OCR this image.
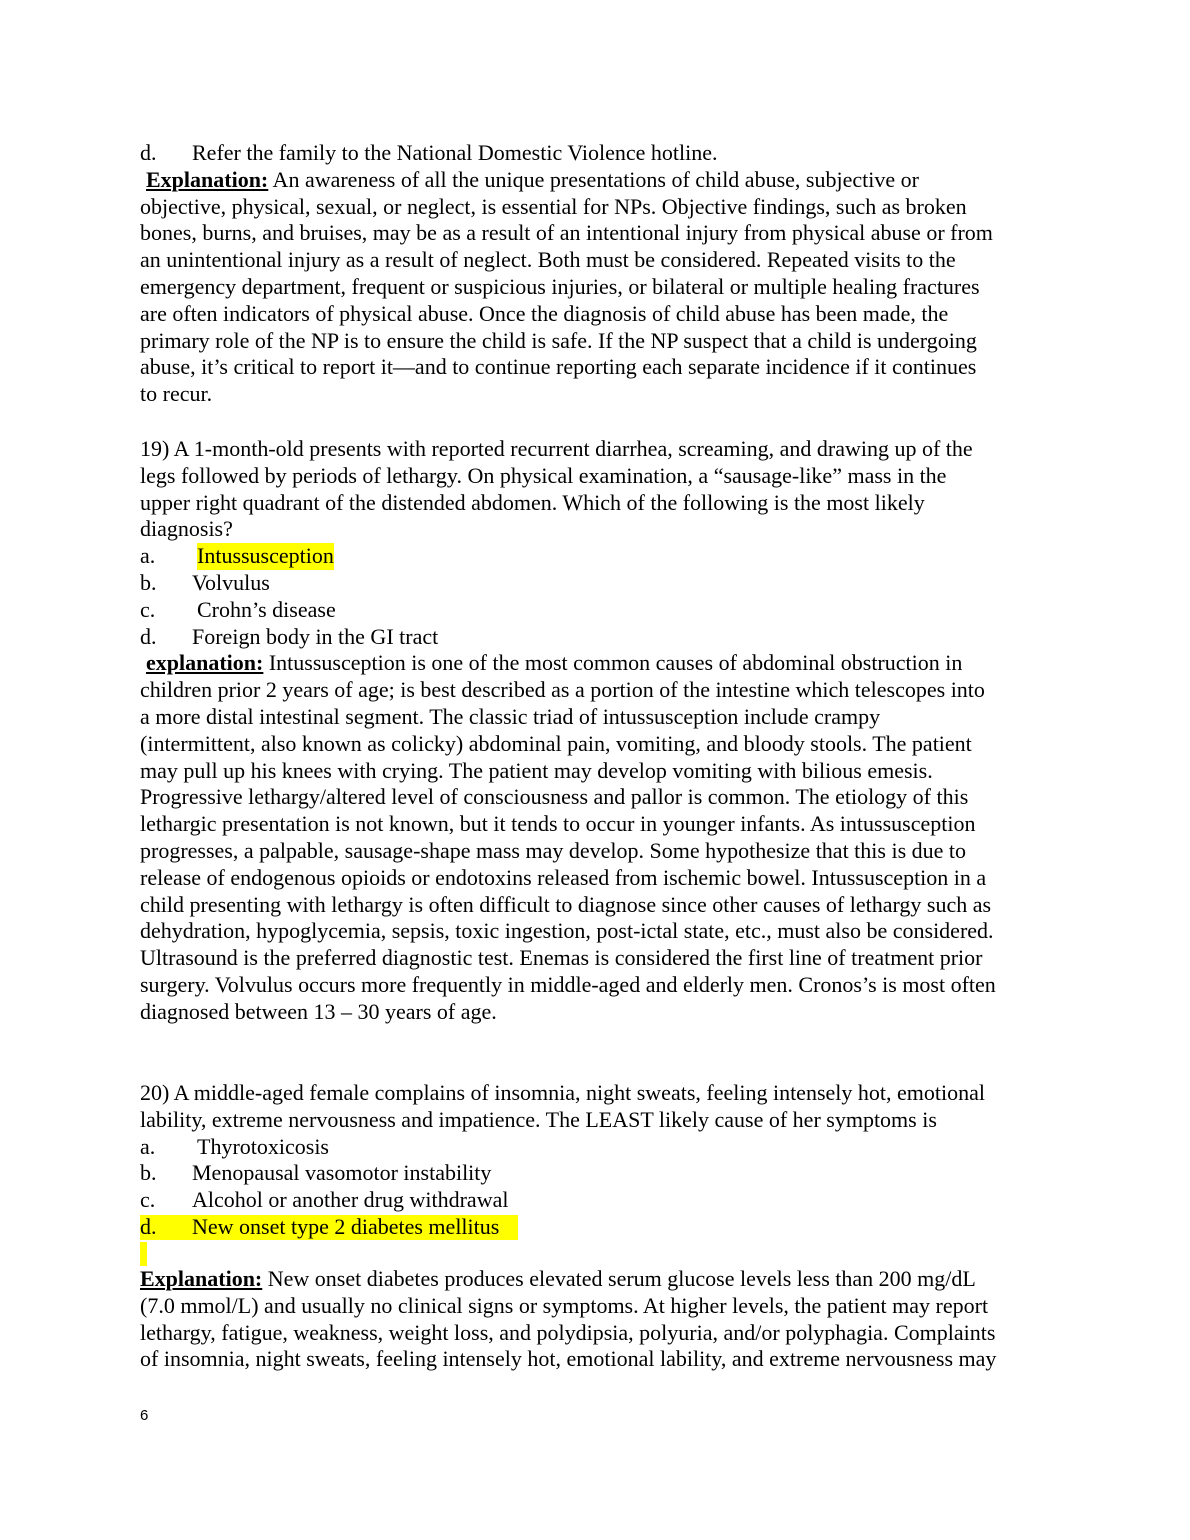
d. Refer the family to the National Domestic Violence hotline.
Explanation: An awareness of all the unique presentations of child abuse, subjective or
objective, physical, sexual, or neglect, is essential for NPs. Objective findings, such as broken
bones, burns, and bruises, may be as a result of an intentional injury from physical abuse or from
an unintentional injury as a result of neglect. Both must be considered. Repeated visits to the
emergency department, frequent or suspicious injuries, or bilateral or multiple healing fractures
are often indicators of physical abuse. Once the diagnosis of child abuse has been made, the
primary role of the NP is to ensure the child is safe. If the NP suspect that a child is undergoing
abuse, it’s critical to report it—and to continue reporting each separate incidence if it continues
to recur.
19) A 1-month-old presents with reported recurrent diarrhea, screaming, and drawing up of the
legs followed by periods of lethargy. On physical examination, a “sausage-like” mass in the
upper right quadrant of the distended abdomen. Which of the following is the most likely
diagnosis?
a. Intussusception
b. Volvulus
c. Crohn’s disease
d. Foreign body in the GI tract
explanation: Intussusception is one of the most common causes of abdominal obstruction in
children prior 2 years of age; is best described as a portion of the intestine which telescopes into
a more distal intestinal segment. The classic triad of intussusception include crampy
(intermittent, also known as colicky) abdominal pain, vomiting, and bloody stools. The patient
may pull up his knees with crying. The patient may develop vomiting with bilious emesis.
Progressive lethargy/altered level of consciousness and pallor is common. The etiology of this
lethargic presentation is not known, but it tends to occur in younger infants. As intussusception
progresses, a palpable, sausage-shape mass may develop. Some hypothesize that this is due to
release of endogenous opioids or endotoxins released from ischemic bowel. Intussusception in a
child presenting with lethargy is often difficult to diagnose since other causes of lethargy such as
dehydration, hypoglycemia, sepsis, toxic ingestion, post-ictal state, etc., must also be considered.
Ultrasound is the preferred diagnostic test. Enemas is considered the first line of treatment prior
surgery. Volvulus occurs more frequently in middle-aged and elderly men. Cronos’s is most often
diagnosed between 13 – 30 years of age.
20) A middle-aged female complains of insomnia, night sweats, feeling intensely hot, emotional
lability, extreme nervousness and impatience. The LEAST likely cause of her symptoms is
a. Thyrotoxicosis
b. Menopausal vasomotor instability
c. Alcohol or another drug withdrawal
d. New onset type 2 diabetes mellitus
Explanation: New onset diabetes produces elevated serum glucose levels less than 200 mg/dL
(7.0 mmol/L) and usually no clinical signs or symptoms. At higher levels, the patient may report
lethargy, fatigue, weakness, weight loss, and polydipsia, polyuria, and/or polyphagia. Complaints
of insomnia, night sweats, feeling intensely hot, emotional lability, and extreme nervousness may
6
